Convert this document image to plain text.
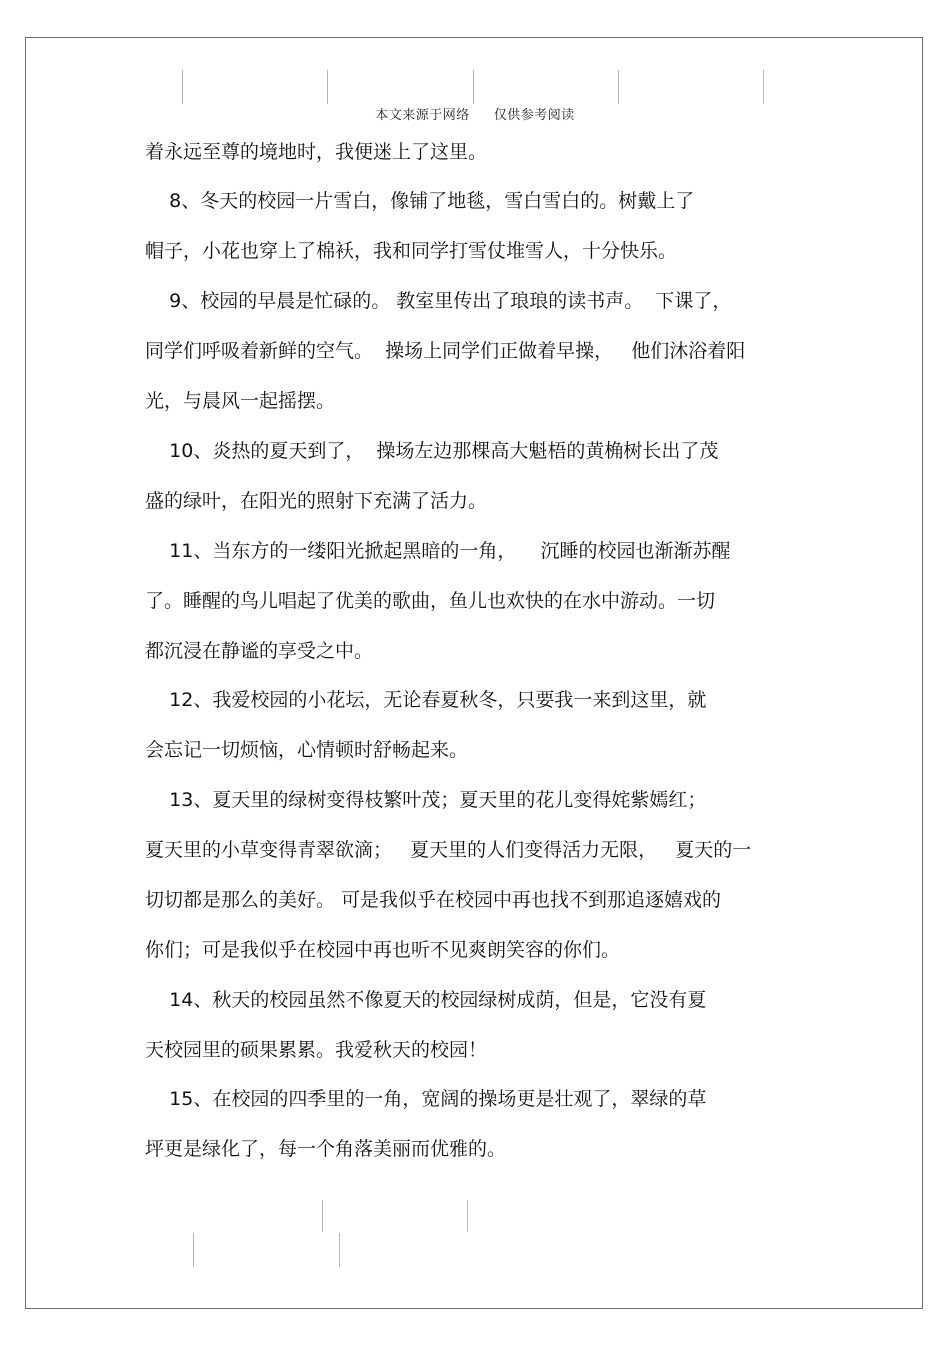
本文来源于网络 仅供参考阅读
着永远至尊的境地时，我便迷上了这里。
8、冬天的校园一片雪白，像铺了地毯，雪白雪白的。树戴上了
帽子，小花也穿上了棉袄，我和同学打雪仗堆雪人，十分快乐。
9、校园的早晨是忙碌的。 教室里传出了琅琅的读书声。  下课了，
同学们呼吸着新鲜的空气。  操场上同学们正做着早操，   他们沐浴着阳
光，与晨风一起摇摆。
10、炎热的夏天到了，  操场左边那棵高大魁梧的黄桷树长出了茂
盛的绿叶，在阳光的照射下充满了活力。
11、当东方的一缕阳光掀起黑暗的一角，    沉睡的校园也渐渐苏醒
了。睡醒的鸟儿唱起了优美的歌曲，鱼儿也欢快的在水中游动。一切
都沉浸在静谧的享受之中。
12、我爱校园的小花坛，无论春夏秋冬，只要我一来到这里，就
会忘记一切烦恼，心情顿时舒畅起来。
13、夏天里的绿树变得枝繁叶茂；夏天里的花儿变得姹紫嫣红；
夏天里的小草变得青翠欲滴；   夏天里的人们变得活力无限，   夏天的一
切切都是那么的美好。 可是我似乎在校园中再也找不到那追逐嬉戏的
你们；可是我似乎在校园中再也听不见爽朗笑容的你们。
14、秋天的校园虽然不像夏天的校园绿树成荫，但是，它没有夏
天校园里的硕果累累。我爱秋天的校园！
15、在校园的四季里的一角，宽阔的操场更是壮观了，翠绿的草
坪更是绿化了，每一个角落美丽而优雅的。
